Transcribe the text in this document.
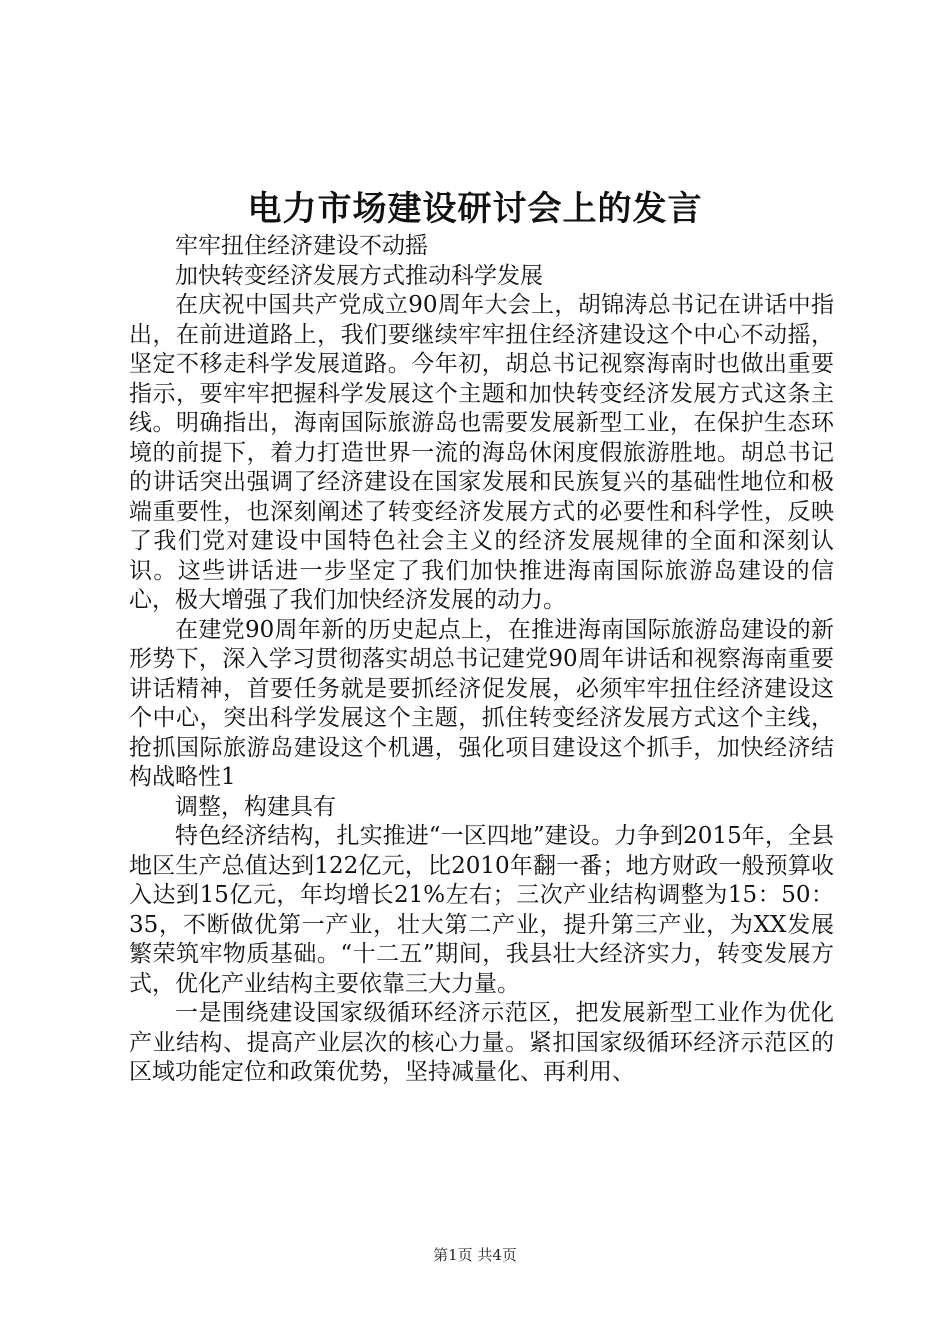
电力市场建设研讨会上的发言

牢牢扭住经济建设不动摇

加快转变经济发展方式推动科学发展

在庆祝中国共产党成立90周年大会上，胡锦涛总书记在讲话中指出，在前进道路上，我们要继续牢牢扭住经济建设这个中心不动摇，坚定不移走科学发展道路。今年初，胡总书记视察海南时也做出重要指示，要牢牢把握科学发展这个主题和加快转变经济发展方式这条主线。明确指出，海南国际旅游岛也需要发展新型工业，在保护生态环境的前提下，着力打造世界一流的海岛休闲度假旅游胜地。胡总书记的讲话突出强调了经济建设在国家发展和民族复兴的基础性地位和极端重要性，也深刻阐述了转变经济发展方式的必要性和科学性，反映了我们党对建设中国特色社会主义的经济发展规律的全面和深刻认识。这些讲话进一步坚定了我们加快推进海南国际旅游岛建设的信心，极大增强了我们加快经济发展的动力。

在建党90周年新的历史起点上，在推进海南国际旅游岛建设的新形势下，深入学习贯彻落实胡总书记建党90周年讲话和视察海南重要讲话精神，首要任务就是要抓经济促发展，必须牢牢扭住经济建设这个中心，突出科学发展这个主题，抓住转变经济发展方式这个主线，抢抓国际旅游岛建设这个机遇，强化项目建设这个抓手，加快经济结构战略性1

调整，构建具有

特色经济结构，扎实推进“一区四地”建设。力争到2015年，全县地区生产总值达到122亿元，比2010年翻一番；地方财政一般预算收入达到15亿元，年均增长21%左右；三次产业结构调整为15：50：35，不断做优第一产业，壮大第二产业，提升第三产业，为XX发展繁荣筑牢物质基础。“十二五”期间，我县壮大经济实力，转变发展方式，优化产业结构主要依靠三大力量。

一是围绕建设国家级循环经济示范区，把发展新型工业作为优化产业结构、提高产业层次的核心力量。紧扣国家级循环经济示范区的区域功能定位和政策优势，坚持减量化、再利用、

第1页 共4页
